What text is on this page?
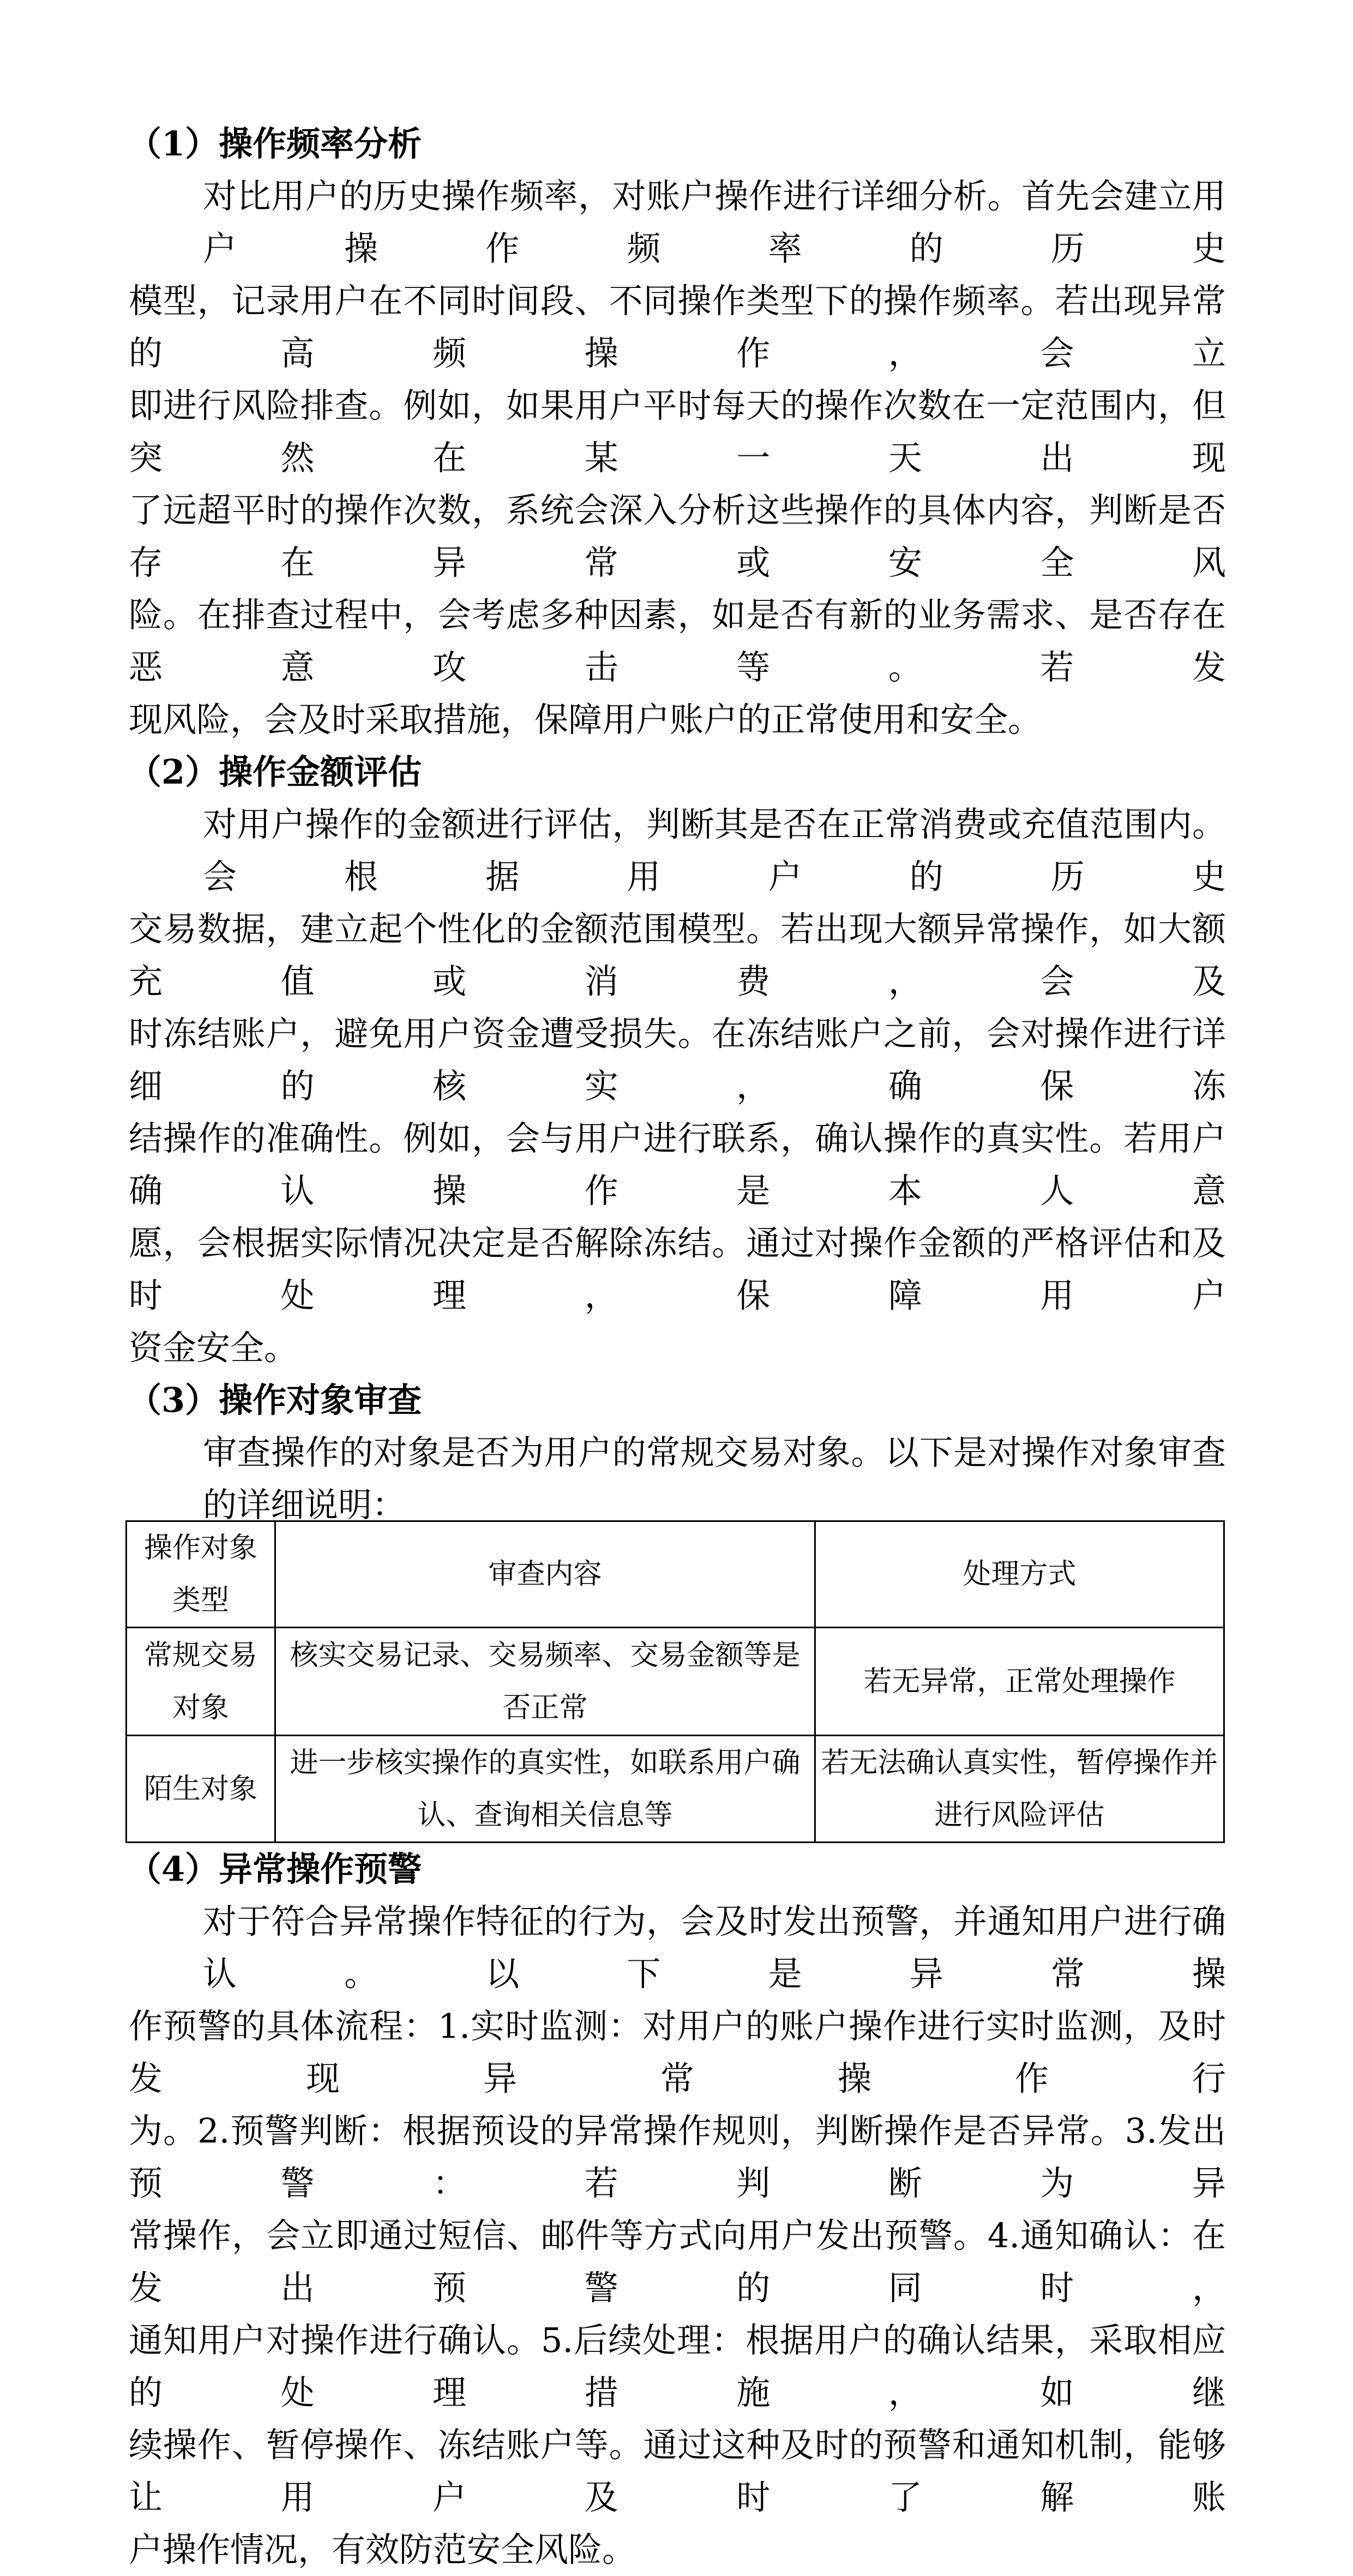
（1）操作频率分析
对比用户的历史操作频率，对账户操作进行详细分析。首先会建立用户操作频率的历史
模型，记录用户在不同时间段、不同操作类型下的操作频率。若出现异常的高频操作，会立
即进行风险排查。例如，如果用户平时每天的操作次数在一定范围内，但突然在某一天出现
了远超平时的操作次数，系统会深入分析这些操作的具体内容，判断是否存在异常或安全风
险。在排查过程中，会考虑多种因素，如是否有新的业务需求、是否存在恶意攻击等。若发
现风险，会及时采取措施，保障用户账户的正常使用和安全。
（2）操作金额评估
对用户操作的金额进行评估，判断其是否在正常消费或充值范围内。会根据用户的历史
交易数据，建立起个性化的金额范围模型。若出现大额异常操作，如大额充值或消费，会及
时冻结账户，避免用户资金遭受损失。在冻结账户之前，会对操作进行详细的核实，确保冻
结操作的准确性。例如，会与用户进行联系，确认操作的真实性。若用户确认操作是本人意
愿，会根据实际情况决定是否解除冻结。通过对操作金额的严格评估和及时处理，保障用户
资金安全。
（3）操作对象审查
审查操作的对象是否为用户的常规交易对象。以下是对操作对象审查的详细说明：
操作对象
类型	审查内容	处理方式

常规交易
对象	核实交易记录、交易频率、交易金额等是
否正常	若无异常，正常处理操作

陌生对象	进一步核实操作的真实性，如联系用户确
认、查询相关信息等	若无法确认真实性，暂停操作并
进行风险评估
（4）异常操作预警
对于符合异常操作特征的行为，会及时发出预警，并通知用户进行确认。以下是异常操
作预警的具体流程：1.实时监测：对用户的账户操作进行实时监测，及时发现异常操作行
为。2.预警判断：根据预设的异常操作规则，判断操作是否异常。3.发出预警：若判断为异
常操作，会立即通过短信、邮件等方式向用户发出预警。4.通知确认：在发出预警的同时，
通知用户对操作进行确认。5.后续处理：根据用户的确认结果，采取相应的处理措施，如继
续操作、暂停操作、冻结账户等。通过这种及时的预警和通知机制，能够让用户及时了解账
户操作情况，有效防范安全风险。
